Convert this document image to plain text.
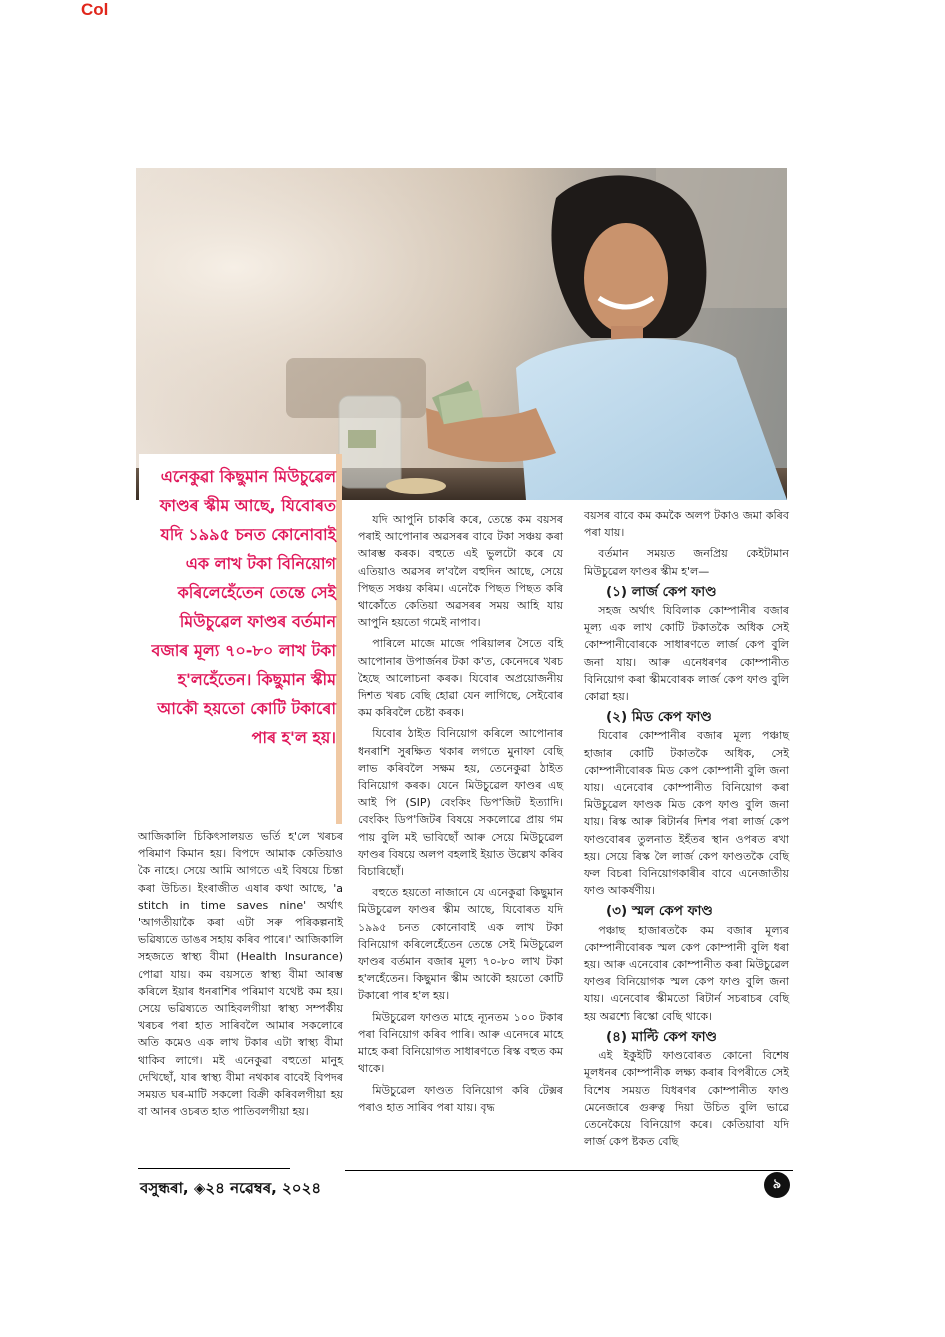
Col
এনেকুৱা কিছুমান মিউচুৱেল ফাণ্ডৰ স্কীম আছে, যিবোৰত যদি ১৯৯৫ চনত কোনোবাই এক লাখ টকা বিনিয়োগ কৰিলেহেঁতেন তেন্তে সেই মিউচুৱেল ফাণ্ডৰ বৰ্তমান বজাৰ মূল্য ৭০-৮০ লাখ টকা হ'লহেঁতেন। কিছুমান স্কীম আকৌ হয়তো কোটি টকাৰো পাৰ হ'ল হয়।

আজিকালি চিকিৎসালয়ত ভৰ্তি হ'লে খৰচৰ পৰিমাণ কিমান হয়। বিপদে আমাক কেতিয়াও কৈ নাহে। সেয়ে আমি আগতে এই বিষয়ে চিন্তা কৰা উচিত। ইংৰাজীত এষাৰ কথা আছে, 'a stitch in time saves nine' অৰ্থাৎ 'আগতীয়াকৈ কৰা এটা সৰু পৰিকল্পনাই ভৱিষ্যতে ডাঙৰ সহায় কৰিব পাৰে।' আজিকালি সহজতে স্বাস্থ্য বীমা (Health Insurance) পোৱা যায়। কম বয়সতে স্বাস্থ্য বীমা আৰম্ভ কৰিলে ইয়াৰ ধনৰাশিৰ পৰিমাণ যথেষ্ট কম হয়। সেয়ে ভৱিষ্যতে আহিবলগীয়া স্বাস্থ্য সম্পৰ্কীয় খৰচৰ পৰা হাত সাৰিবলৈ আমাৰ সকলোৰে অতি কমেও এক লাখ টকাৰ এটা স্বাস্থ্য বীমা থাকিব লাগে। মই এনেকুৱা বহুতো মানুহ দেখিছোঁ, যাৰ স্বাস্থ্য বীমা নথকাৰ বাবেই বিপদৰ সময়ত ঘৰ-মাটি সকলো বিক্ৰী কৰিবলগীয়া হয় বা আনৰ ওচৰত হাত পাতিবলগীয়া হয়।

যদি আপুনি চাকৰি কৰে, তেন্তে কম বয়সৰ পৰাই আপোনাৰ অৱসৰৰ বাবে টকা সঞ্চয় কৰা আৰম্ভ কৰক। বহুতে এই ভুলটো কৰে যে এতিয়াও অৱসৰ ল'বলৈ বহুদিন আছে, সেয়ে পিছত সঞ্চয় কৰিম। এনেকৈ পিছত পিছত কৰি থাকোঁতে কেতিয়া অৱসৰৰ সময় আহি যায় আপুনি হয়তো গমেই নাপাব।

পাৰিলে মাজে মাজে পৰিয়ালৰ সৈতে বহি আপোনাৰ উপাৰ্জনৰ টকা ক'ত, কেনেদৰে খৰচ হৈছে আলোচনা কৰক। যিবোৰ অপ্ৰয়োজনীয় দিশত খৰচ বেছি হোৱা যেন লাগিছে, সেইবোৰ কম কৰিবলৈ চেষ্টা কৰক।

যিবোৰ ঠাইত বিনিয়োগ কৰিলে আপোনাৰ ধনৰাশি সুৰক্ষিত থকাৰ লগতে মুনাফা বেছি লাভ কৰিবলৈ সক্ষম হয়, তেনেকুৱা ঠাইত বিনিয়োগ কৰক। যেনে মিউচুৱেল ফাণ্ডৰ এছ আই পি (SIP) বেংকিং ডিপ'জিট ইত্যাদি। বেংকিং ডিপ'জিটৰ বিষয়ে সকলোৱে প্ৰায় গম পায় বুলি মই ভাবিছোঁ আৰু সেয়ে মিউচুৱেল ফাণ্ডৰ বিষয়ে অলপ বহলাই ইয়াত উল্লেখ কৰিব বিচাৰিছোঁ।

বহুতে হয়তো নাজানে যে এনেকুৱা কিছুমান মিউচুৱেল ফাণ্ডৰ স্কীম আছে, যিবোৰত যদি ১৯৯৫ চনত কোনোবাই এক লাখ টকা বিনিয়োগ কৰিলেহেঁতেন তেন্তে সেই মিউচুৱেল ফাণ্ডৰ বৰ্তমান বজাৰ মূল্য ৭০-৮০ লাখ টকা হ'লহেঁতেন। কিছুমান স্কীম আকৌ হয়তো কোটি টকাৰো পাৰ হ'ল হয়।

মিউচুৱেল ফাণ্ডত মাহে ন্যূনতম ১০০ টকাৰ পৰা বিনিয়োগ কৰিব পাৰি। আৰু এনেদৰে মাহে মাহে কৰা বিনিয়োগত সাধাৰণতে ৰিস্ক বহুত কম থাকে।

মিউচুৱেল ফাণ্ডত বিনিয়োগ কৰি টেক্সৰ পৰাও হাত সাৰিব পৰা যায়। বৃদ্ধ

বয়সৰ বাবে কম কমকৈ অলপ টকাও জমা কৰিব পৰা যায়।

বৰ্তমান সময়ত জনপ্ৰিয় কেইটামান মিউচুৱেল ফাণ্ডৰ স্কীম হ'ল—

(১) লাৰ্জ কেপ ফাণ্ড

সহজ অৰ্থাৎ যিবিলাক কোম্পানীৰ বজাৰ মূল্য এক লাখ কোটি টকাতকৈ অধিক সেই কোম্পানীবোৰকে সাধাৰণতে লাৰ্জ কেপ বুলি জনা যায়। আৰু এনেধৰণৰ কোম্পানীত বিনিয়োগ কৰা স্কীমবোৰক লাৰ্জ কেপ ফাণ্ড বুলি কোৱা হয়।

(২) মিড কেপ ফাণ্ড

যিবোৰ কোম্পানীৰ বজাৰ মূল্য পঞ্চাছ হাজাৰ কোটি টকাতকৈ অধিক, সেই কোম্পানীবোৰক মিড কেপ কোম্পানী বুলি জনা যায়। এনেবোৰ কোম্পানীত বিনিয়োগ কৰা মিউচুৱেল ফাণ্ডক মিড কেপ ফাণ্ড বুলি জনা যায়। ৰিস্ক আৰু ৰিটাৰ্নৰ দিশৰ পৰা লাৰ্জ কেপ ফাণ্ডবোৰৰ তুলনাত ইহঁতৰ স্থান ওপৰত ৰখা হয়। সেয়ে ৰিস্ক লৈ লাৰ্জ কেপ ফাণ্ডতকৈ বেছি ফল বিচৰা বিনিয়োগকাৰীৰ বাবে এনেজাতীয় ফাণ্ড আকৰ্ষণীয়।

(৩) স্মল কেপ ফাণ্ড

পঞ্চাছ হাজাৰতকৈ কম বজাৰ মূল্যৰ কোম্পানীবোৰক স্মল কেপ কোম্পানী বুলি ধৰা হয়। আৰু এনেবোৰ কোম্পানীত কৰা মিউচুৱেল ফাণ্ডৰ বিনিয়োগক স্মল কেপ ফাণ্ড বুলি জনা যায়। এনেবোৰ স্কীমতো ৰিটাৰ্ন সচৰাচৰ বেছি হয় অৱশ্যে ৰিস্কো বেছি থাকে।

(৪) মাল্টি কেপ ফাণ্ড

এই ইকুইটি ফাণ্ডবোৰত কোনো বিশেষ মূলধনৰ কোম্পানীক লক্ষ্য কৰাৰ বিপৰীতে সেই বিশেষ সময়ত যিধৰণৰ কোম্পানীত ফাণ্ড মেনেজাৰে গুৰুত্ব দিয়া উচিত বুলি ভাৱে তেনেকৈয়ে বিনিয়োগ কৰে। কেতিয়াবা যদি লাৰ্জ কেপ ষ্টকত বেছি

বসুন্ধৰা, ◈২৪ নৱেম্বৰ, ২০২৪	৯
